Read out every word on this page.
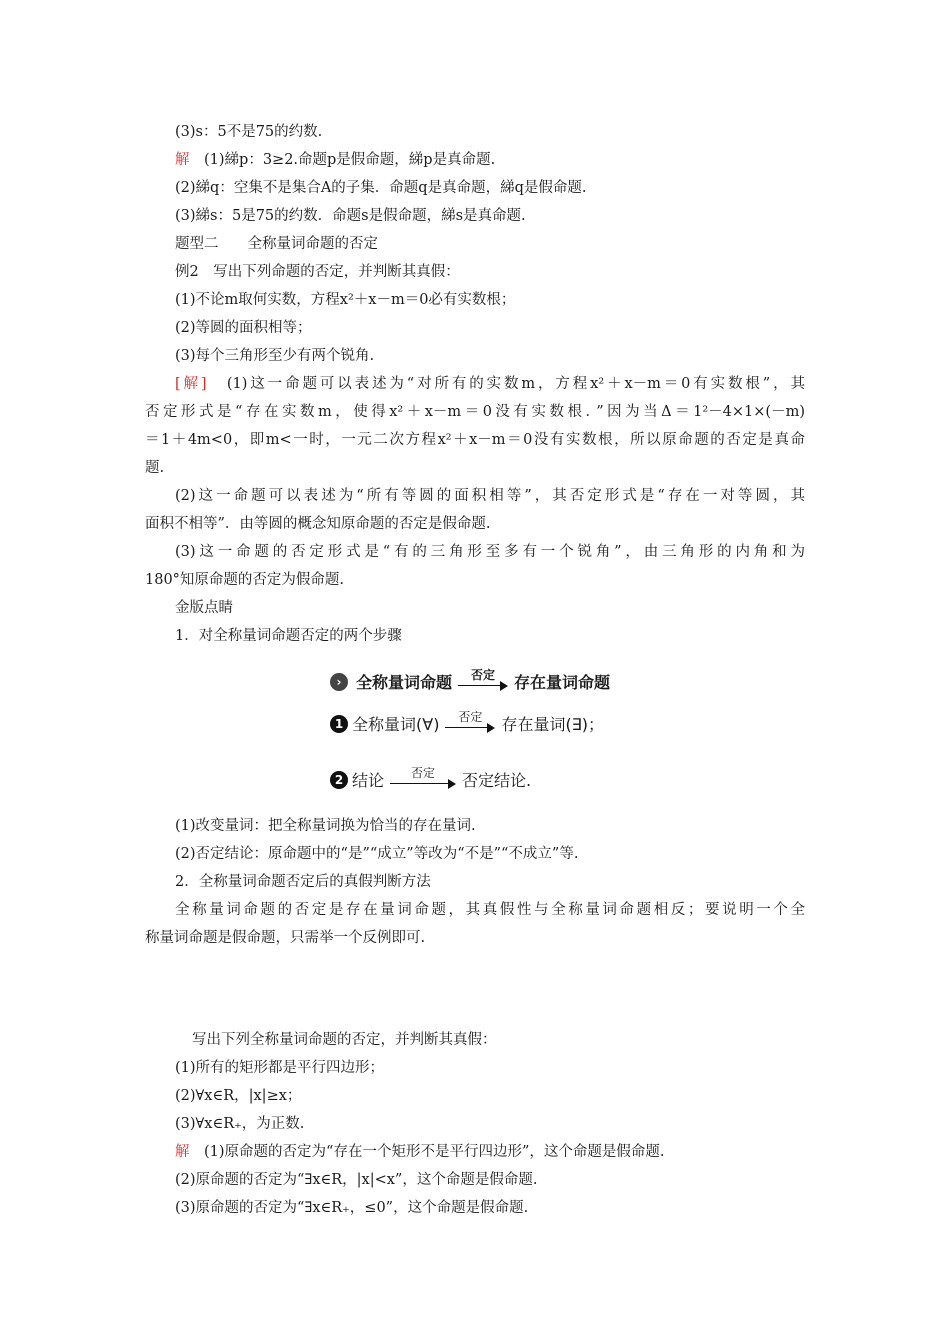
(3)s：5不是75的约数.
解　(1)綈p：3≥2.命题p是假命题，綈p是真命题.
(2)綈q：空集不是集合A的子集．命题q是真命题，綈q是假命题.
(3)綈s：5是75的约数．命题s是假命题，綈s是真命题.
题型二　　全称量词命题的否定
例2　写出下列命题的否定，并判断其真假：
(1)不论m取何实数，方程x²＋x－m＝0必有实数根；
(2)等圆的面积相等；
(3)每个三角形至少有两个锐角.
[解]　(1)这一命题可以表述为“对所有的实数m，方程x²＋x－m＝0有实数根”，其
否定形式是“存在实数m，使得x²＋x－m＝0没有实数根．”因为当Δ＝1²－4×1×(－m)
＝1＋4m<0，即m<一时，一元二次方程x²＋x－m＝0没有实数根，所以原命题的否定是真命
题.
(2)这一命题可以表述为“所有等圆的面积相等”，其否定形式是“存在一对等圆，其
面积不相等”．由等圆的概念知原命题的否定是假命题.
(3)这一命题的否定形式是“有的三角形至多有一个锐角”，由三角形的内角和为
180°知原命题的否定为假命题.
金版点睛
1．对全称量词命题否定的两个步骤
› 全称量词命题	否定	存在量词命题
1 全称量词(∀)	否定	存在量词(∃)；
2 结论	否定	否定结论.
(1)改变量词：把全称量词换为恰当的存在量词.
(2)否定结论：原命题中的“是”“成立”等改为“不是”“不成立”等.
2．全称量词命题否定后的真假判断方法
全称量词命题的否定是存在量词命题，其真假性与全称量词命题相反；要说明一个全
称量词命题是假命题，只需举一个反例即可.
写出下列全称量词命题的否定，并判断其真假：
(1)所有的矩形都是平行四边形；
(2)∀x∈R，|x|≥x；
(3)∀x∈R₊，为正数.
解　(1)原命题的否定为“存在一个矩形不是平行四边形”，这个命题是假命题.
(2)原命题的否定为“∃x∈R，|x|<x”，这个命题是假命题.
(3)原命题的否定为“∃x∈R₊，≤0”，这个命题是假命题.
